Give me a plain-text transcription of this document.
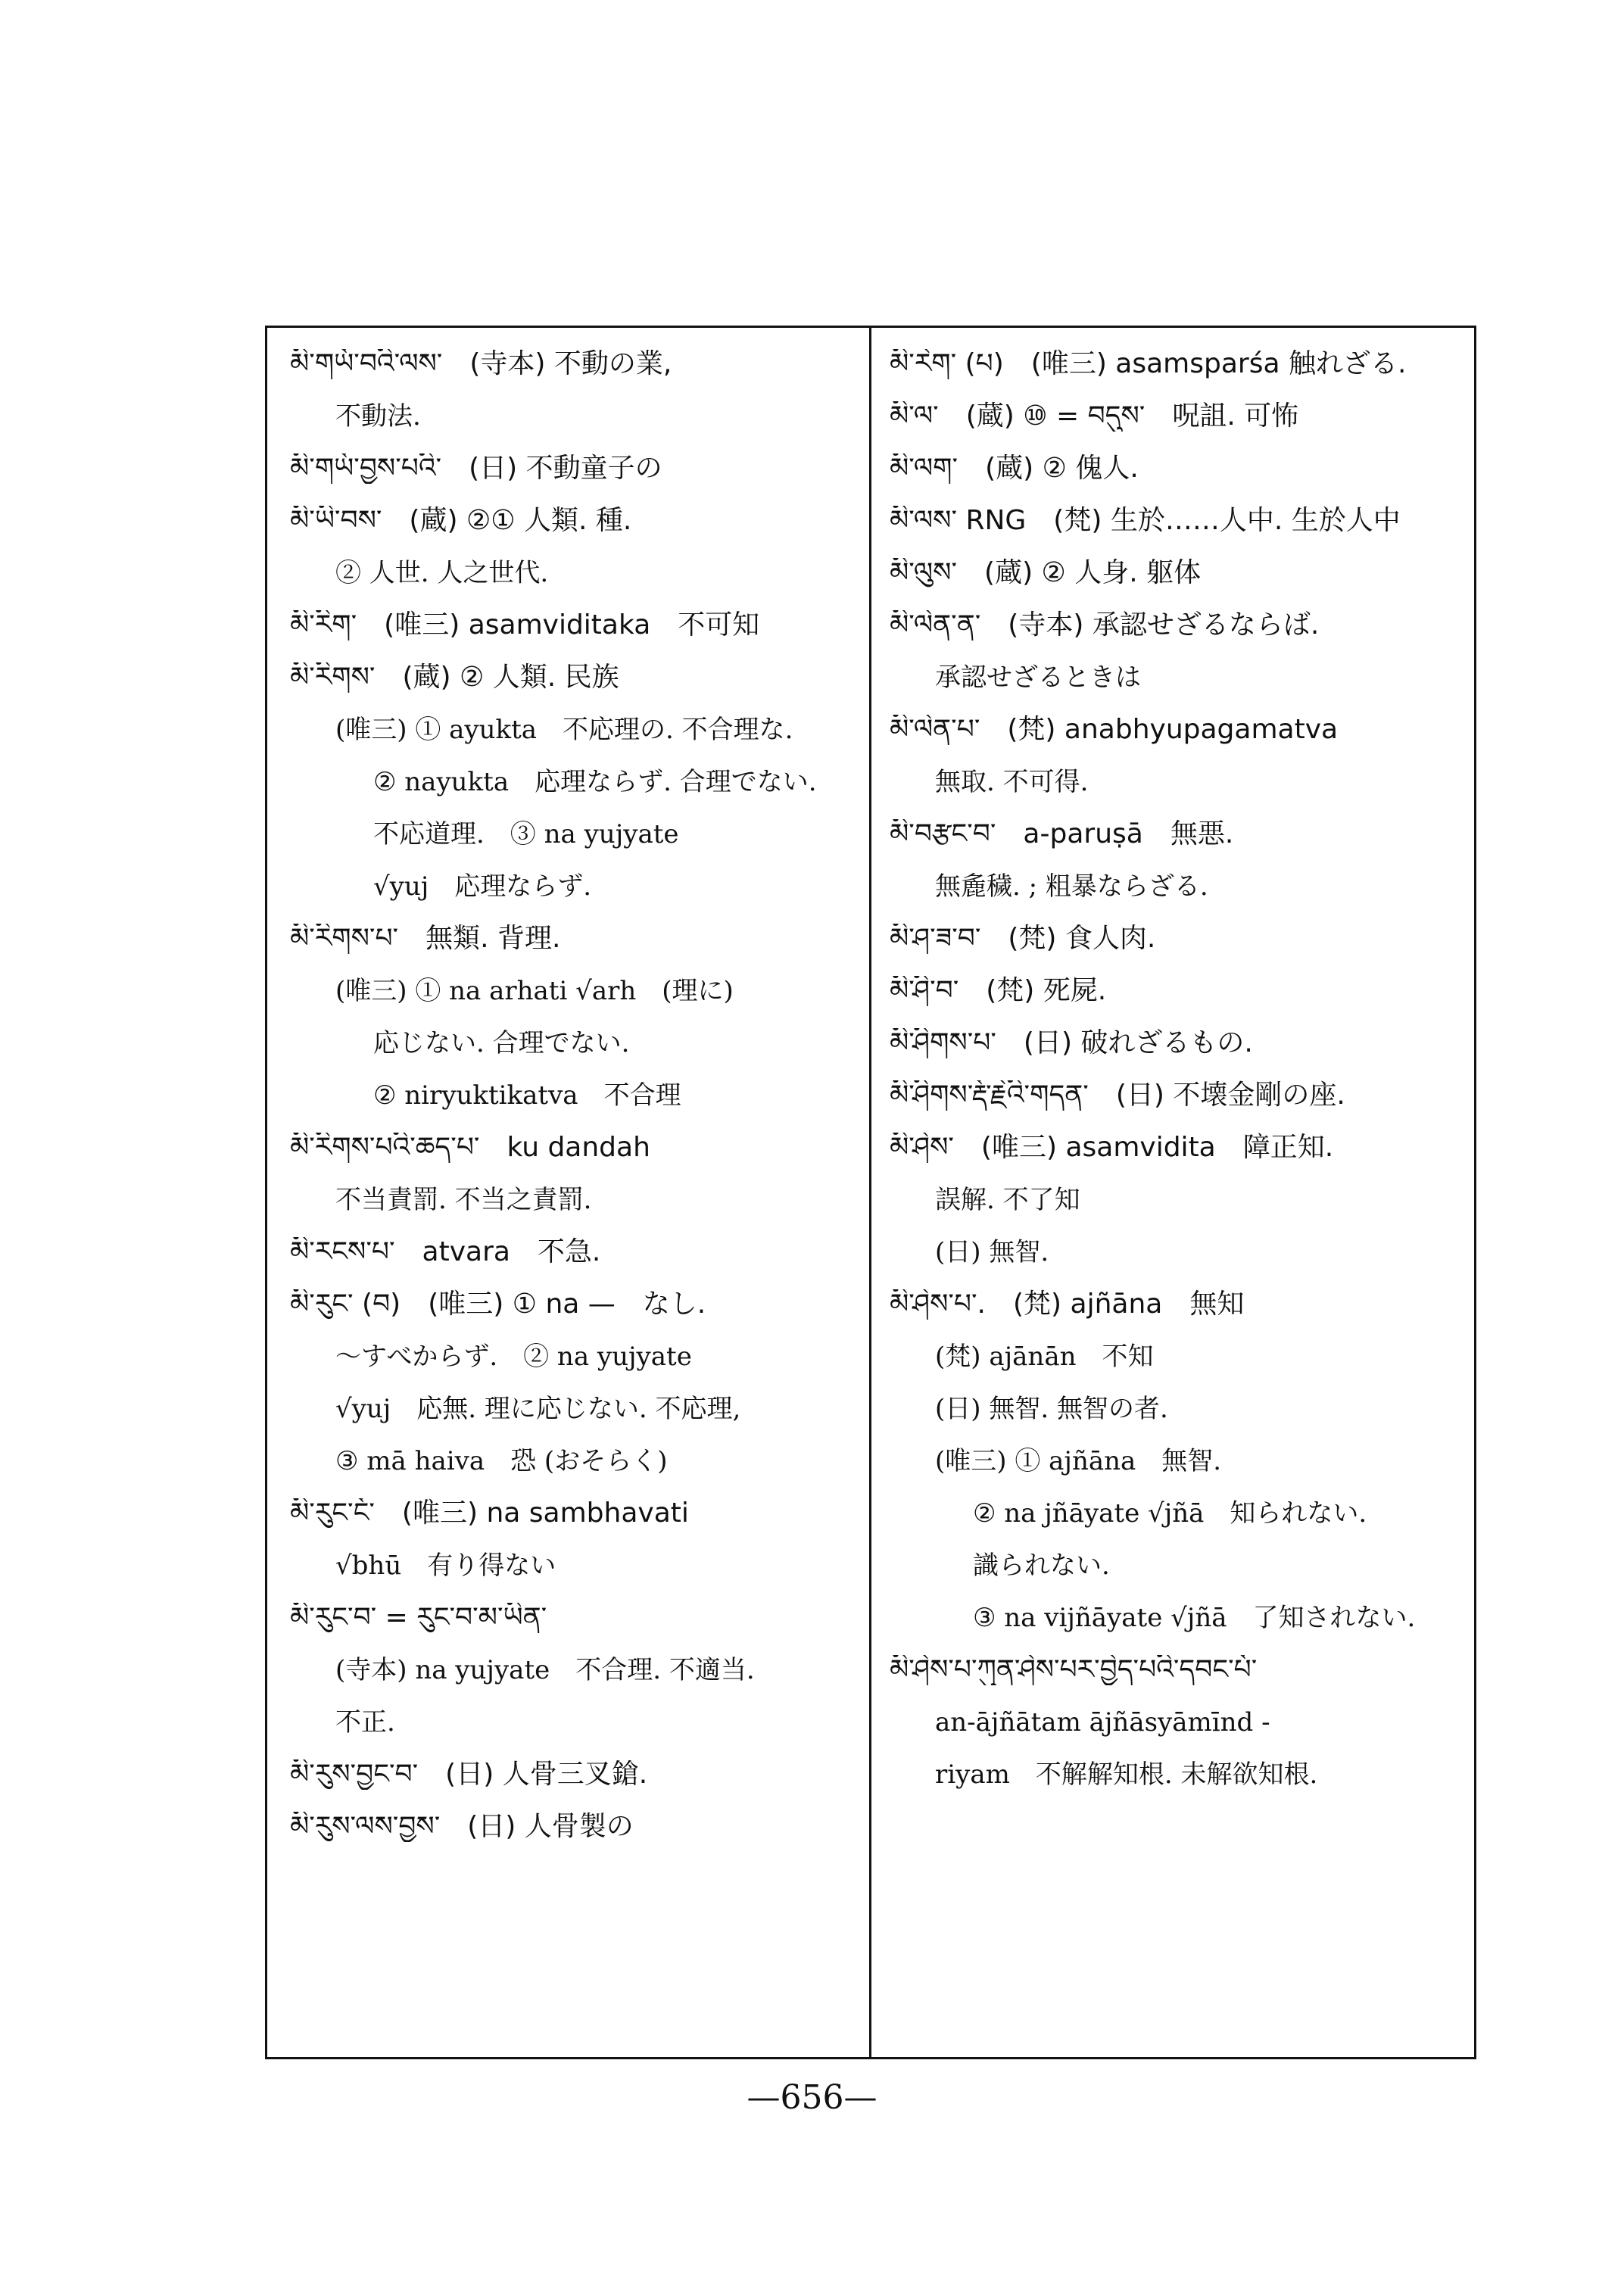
མི་གཡོ་བའི་ལས་　(寺本) 不動の業,
不動法.
མི་གཡོ་བྱས་པའི་　(日) 不動童子の
མི་ཡི་བས་　(蔵) ②① 人類. 種.
② 人世. 人之世代.
མི་རིག་　(唯三) asamviditaka　不可知
མི་རིགས་　(蔵) ② 人類. 民族
(唯三) ① ayukta　不応理の. 不合理な.
② nayukta　応理ならず. 合理でない.
不応道理.　③ na yujyate
√yuj　応理ならず.
མི་རིགས་པ་　無類. 背理.
(唯三) ① na arhati √arh　(理に)
応じない. 合理でない.
② niryuktikatva　不合理
མི་རིགས་པའི་ཆད་པ་　ku dandah
不当責罰. 不当之責罰.
མི་རངས་པ་　atvara　不急.
མི་རུང་ (བ)　(唯三) ① na —　なし.
〜すべからず.　② na yujyate
√yuj　応無. 理に応じない. 不応理,
③ mā haiva　恐 (おそらく)
མི་རུང་ངོ་　(唯三) na sambhavati
√bhū　有り得ない
མི་རུང་བ་ = རུང་བ་མ་ཡིན་
(寺本) na yujyate　不合理. 不適当.
不正.
མི་རུས་བྱང་བ་　(日) 人骨三叉鎗.
མི་རུས་ལས་བྱས་　(日) 人骨製の
མི་རེག་ (པ)　(唯三) asamsparśa 触れざる.
མི་ལ་　(蔵) ⑩ = བདུས་　呪詛. 可怖
མི་ལག་　(蔵) ② 傀人.
མི་ལས་ RNG　(梵) 生於……人中. 生於人中
མི་ལུས་　(蔵) ② 人身. 躯体
མི་ལེན་ན་　(寺本) 承認せざるならば.
承認せざるときは
མི་ལེན་པ་　(梵) anabhyupagamatva
無取. 不可得.
མི་བརྩང་བ་　a-paruṣā　無悪.
無麁穢. ; 粗暴ならざる.
མི་ཤ་ཟ་བ་　(梵) 食人肉.
མི་ཤི་བ་　(梵) 死屍.
མི་ཤིགས་པ་　(日) 破れざるもの.
མི་ཤིགས་རྡོ་རྗེའི་གདན་　(日) 不壊金剛の座.
མི་ཤེས་　(唯三) asamvidita　障正知.
誤解. 不了知
(日) 無智.
མི་ཤེས་པ་.　(梵) ajñāna　無知
(梵) ajānān　不知
(日) 無智. 無智の者.
(唯三) ① ajñāna　無智.
② na jñāyate √jñā　知られない.
識られない.
③ na vijñāyate √jñā　了知されない.
མི་ཤེས་པ་ཀུན་ཤེས་པར་བྱེད་པའི་དབང་པོ་
an-ājñātam ājñāsyāmīnd -
riyam　不解解知根. 未解欲知根.
—656—
